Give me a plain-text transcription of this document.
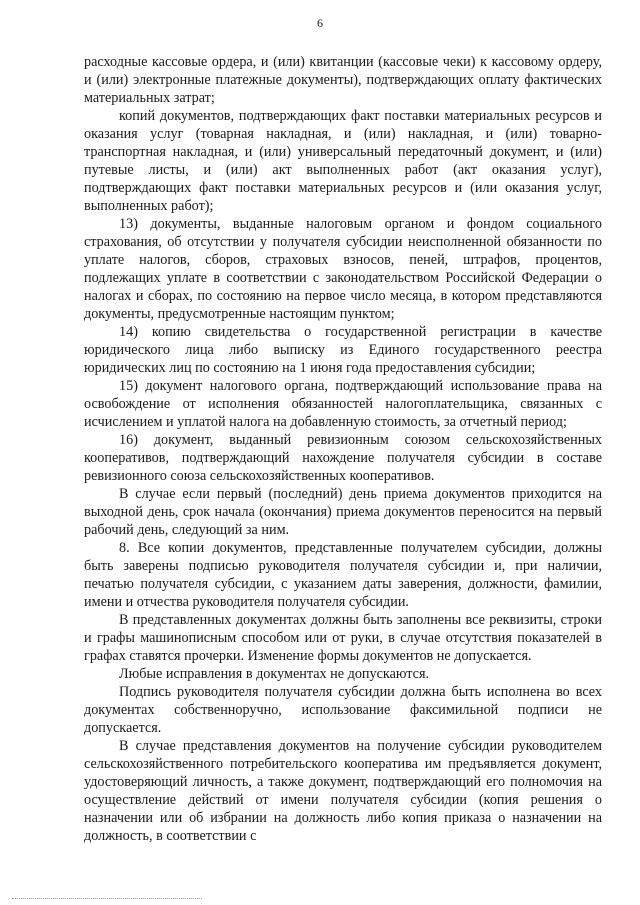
6

расходные кассовые ордера, и (или) квитанции (кассовые чеки) к кассовому ордеру, и (или) электронные платежные документы), подтверждающих оплату фактических материальных затрат;

копий документов, подтверждающих факт поставки материальных ресурсов и оказания услуг (товарная накладная, и (или) накладная, и (или) товарно-транспортная накладная, и (или) универсальный передаточный документ, и (или) путевые листы, и (или) акт выполненных работ (акт оказания услуг), подтверждающих факт поставки материальных ресурсов и (или оказания услуг, выполненных работ);

13) документы, выданные налоговым органом и фондом социального страхования, об отсутствии у получателя субсидии неисполненной обязанности по уплате налогов, сборов, страховых взносов, пеней, штрафов, процентов, подлежащих уплате в соответствии с законодательством Российской Федерации о налогах и сборах, по состоянию на первое число месяца, в котором представляются документы, предусмотренные настоящим пунктом;

14) копию свидетельства о государственной регистрации в качестве юридического лица либо выписку из Единого государственного реестра юридических лиц по состоянию на 1 июня года предоставления субсидии;

15) документ налогового органа, подтверждающий использование права на освобождение от исполнения обязанностей налогоплательщика, связанных с исчислением и уплатой налога на добавленную стоимость, за отчетный период;

16) документ, выданный ревизионным союзом сельскохозяйственных кооперативов, подтверждающий нахождение получателя субсидии в составе ревизионного союза сельскохозяйственных кооперативов.

В случае если первый (последний) день приема документов приходится на выходной день, срок начала (окончания) приема документов переносится на первый рабочий день, следующий за ним.

8. Все копии документов, представленные получателем субсидии, должны быть заверены подписью руководителя получателя субсидии и, при наличии, печатью получателя субсидии, с указанием даты заверения, должности, фамилии, имени и отчества руководителя получателя субсидии.

В представленных документах должны быть заполнены все реквизиты, строки и графы машинописным способом или от руки, в случае отсутствия показателей в графах ставятся прочерки. Изменение формы документов не допускается.

Любые исправления в документах не допускаются.

Подпись руководителя получателя субсидии должна быть исполнена во всех документах собственноручно, использование факсимильной подписи не допускается.

В случае представления документов на получение субсидии руководителем сельскохозяйственного потребительского кооператива им предъявляется документ, удостоверяющий личность, а также документ, подтверждающий его полномочия на осуществление действий от имени получателя субсидии (копия решения о назначении или об избрании на должность либо копия приказа о назначении на должность, в соответствии с
